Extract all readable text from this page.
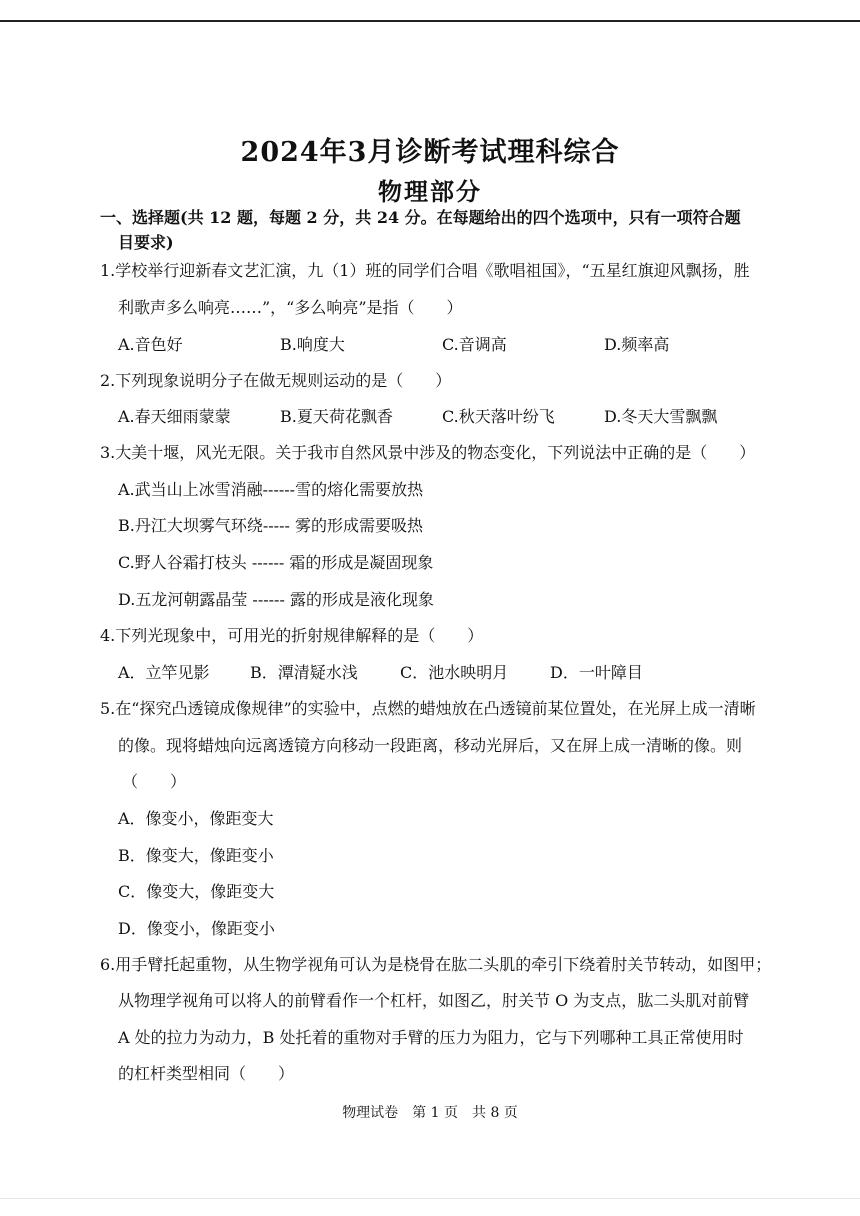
2024年3月诊断考试理科综合
物理部分
一、选择题(共 12 题，每题 2 分，共 24 分。在每题给出的四个选项中，只有一项符合题
目要求)
1.学校举行迎新春文艺汇演，九（1）班的同学们合唱《歌唱祖国》，“五星红旗迎风飘扬，胜
利歌声多么响亮……”，“多么响亮”是指（　　）
A.音色好	B.响度大	C.音调高	D.频率高
2.下列现象说明分子在做无规则运动的是（　　）
A.春天细雨蒙蒙	B.夏天荷花飘香	C.秋天落叶纷飞	D.冬天大雪飘飘
3.大美十堰，风光无限。关于我市自然风景中涉及的物态变化，下列说法中正确的是（　　）
A.武当山上冰雪消融------雪的熔化需要放热
B.丹江大坝雾气环绕----- 雾的形成需要吸热
C.野人谷霜打枝头 ------ 霜的形成是凝固现象
D.五龙河朝露晶莹 ------ 露的形成是液化现象
4.下列光现象中，可用光的折射规律解释的是（　　）
A．立竿见影	B．潭清疑水浅	C．池水映明月	D．一叶障目
5.在“探究凸透镜成像规律”的实验中，点燃的蜡烛放在凸透镜前某位置处，在光屏上成一清晰
的像。现将蜡烛向远离透镜方向移动一段距离，移动光屏后，又在屏上成一清晰的像。则
（　　）
A．像变小，像距变大
B．像变大，像距变小
C．像变大，像距变大
D．像变小，像距变小
6.用手臂托起重物，从生物学视角可认为是桡骨在肱二头肌的牵引下绕着肘关节转动，如图甲；
从物理学视角可以将人的前臂看作一个杠杆，如图乙，肘关节 O 为支点，肱二头肌对前臂
A 处的拉力为动力，B 处托着的重物对手臂的压力为阻力，它与下列哪种工具正常使用时
的杠杆类型相同（　　）
物理试卷　第 1 页　共 8 页
